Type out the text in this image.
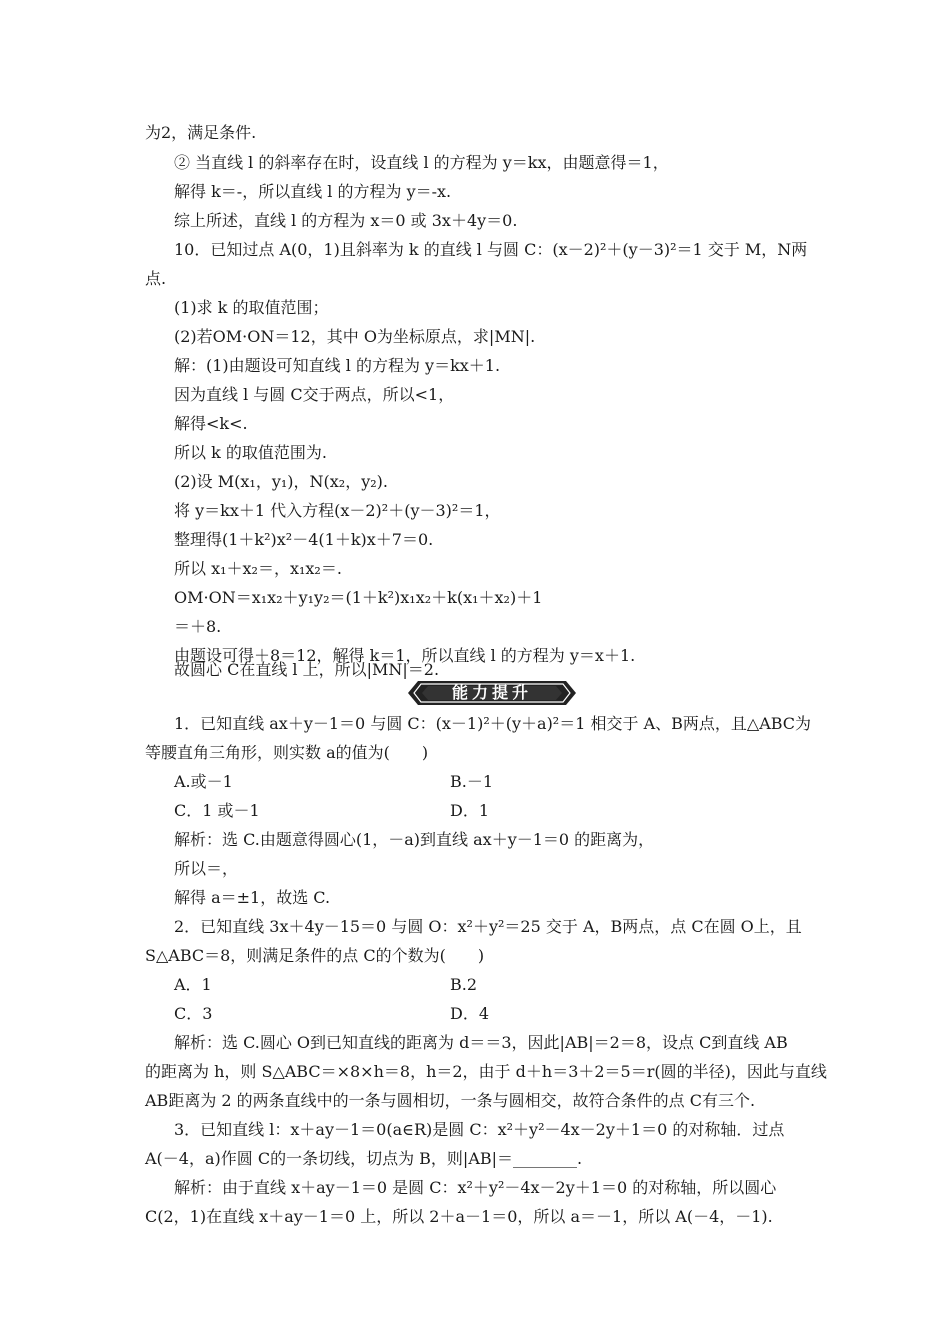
为2，满足条件.
② 当直线 l 的斜率存在时，设直线 l 的方程为 y＝kx，由题意得＝1，
解得 k＝-，所以直线 l 的方程为 y＝-x.
综上所述，直线 l 的方程为 x＝0 或 3x＋4y＝0.
10．已知过点 A(0，1)且斜率为 k 的直线 l 与圆 C：(x－2)²＋(y－3)²＝1 交于 M，N两
点.
(1)求 k 的取值范围；
(2)若OM·ON＝12，其中 O为坐标原点，求|MN|.
解：(1)由题设可知直线 l 的方程为 y＝kx＋1.
因为直线 l 与圆 C交于两点，所以<1，
解得<k<.
所以 k 的取值范围为.
(2)设 M(x₁，y₁)，N(x₂，y₂).
将 y＝kx＋1 代入方程(x－2)²＋(y－3)²＝1，
整理得(1＋k²)x²－4(1＋k)x＋7＝0.
所以 x₁＋x₂＝，x₁x₂＝.
OM·ON＝x₁x₂＋y₁y₂＝(1＋k²)x₁x₂＋k(x₁＋x₂)＋1
＝＋8.
由题设可得＋8＝12，解得 k＝1，所以直线 l 的方程为 y＝x＋1.
故圆心 C在直线 l 上，所以|MN|＝2.
能力提升
1．已知直线 ax＋y－1＝0 与圆 C：(x－1)²＋(y＋a)²＝1 相交于 A、B两点，且△ABC为
等腰直角三角形，则实数 a的值为(　　)
A.或－1	B.－1
C．1 或－1	D．1
解析：选 C.由题意得圆心(1，－a)到直线 ax＋y－1＝0 的距离为，
所以＝，
解得 a＝±1，故选 C.
2．已知直线 3x＋4y－15＝0 与圆 O：x²＋y²＝25 交于 A，B两点，点 C在圆 O上，且
S△ABC＝8，则满足条件的点 C的个数为(　　)
A．1	B.2
C．3	D．4
解析：选 C.圆心 O到已知直线的距离为 d＝＝3，因此|AB|＝2＝8，设点 C到直线 AB
的距离为 h，则 S△ABC＝×8×h＝8，h＝2，由于 d＋h＝3＋2＝5＝r(圆的半径)，因此与直线
AB距离为 2 的两条直线中的一条与圆相切，一条与圆相交，故符合条件的点 C有三个.
3．已知直线 l：x＋ay－1＝0(a∈R)是圆 C：x²＋y²－4x－2y＋1＝0 的对称轴．过点
A(－4，a)作圆 C的一条切线，切点为 B，则|AB|＝________.
解析：由于直线 x＋ay－1＝0 是圆 C：x²＋y²－4x－2y＋1＝0 的对称轴，所以圆心
C(2，1)在直线 x＋ay－1＝0 上，所以 2＋a－1＝0，所以 a＝－1，所以 A(－4，－1).
